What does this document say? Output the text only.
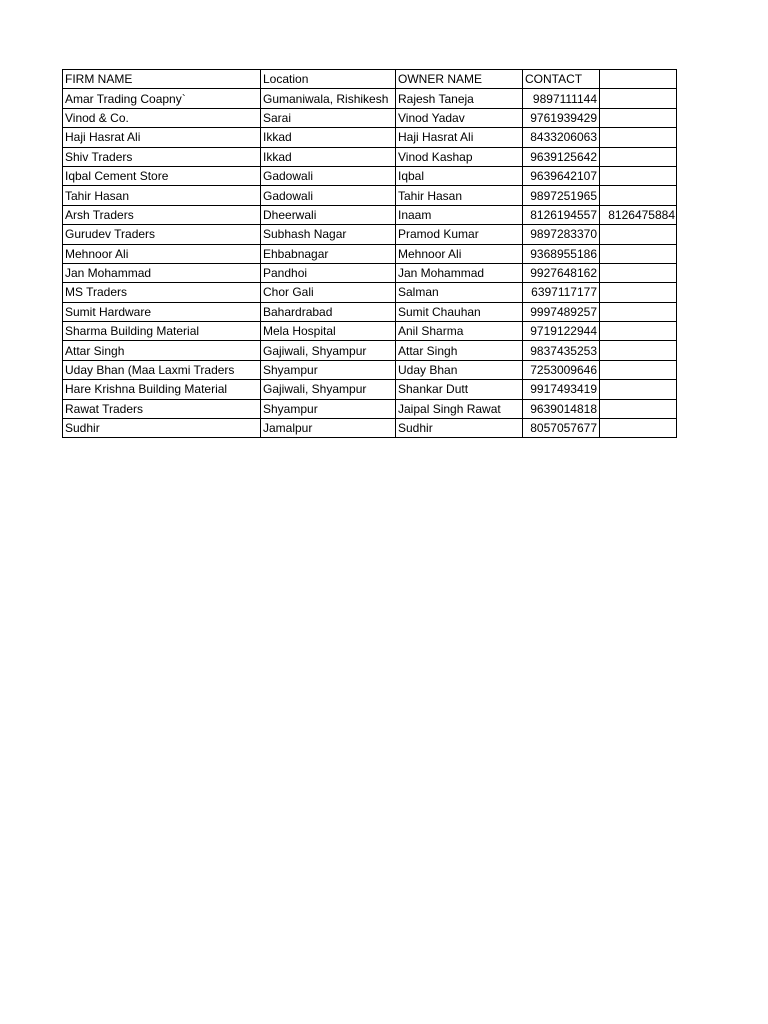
FIRM NAME	Location	OWNER NAME	CONTACT	
Amar Trading Coapny`	Gumaniwala, Rishikesh	Rajesh Taneja	9897111144	
Vinod & Co.	Sarai	Vinod Yadav	9761939429	
Haji Hasrat Ali	Ikkad	Haji Hasrat Ali	8433206063	
Shiv Traders	Ikkad	Vinod Kashap	9639125642	
Iqbal Cement Store	Gadowali	Iqbal	9639642107	
Tahir Hasan	Gadowali	Tahir Hasan	9897251965	
Arsh Traders	Dheerwali	Inaam	8126194557	8126475884
Gurudev Traders	Subhash Nagar	Pramod Kumar	9897283370	
Mehnoor Ali	Ehbabnagar	Mehnoor Ali	9368955186	
Jan Mohammad	Pandhoi	Jan Mohammad	9927648162	
MS Traders	Chor Gali	Salman	6397117177	
Sumit Hardware	Bahardrabad	Sumit Chauhan	9997489257	
Sharma Building Material	Mela Hospital	Anil Sharma	9719122944	
Attar Singh	Gajiwali, Shyampur	Attar Singh	9837435253	
Uday Bhan (Maa Laxmi Traders	Shyampur	Uday Bhan	7253009646	
Hare Krishna Building Material	Gajiwali, Shyampur	Shankar Dutt	9917493419	
Rawat Traders	Shyampur	Jaipal Singh Rawat	9639014818	
Sudhir	Jamalpur	Sudhir	8057057677	
